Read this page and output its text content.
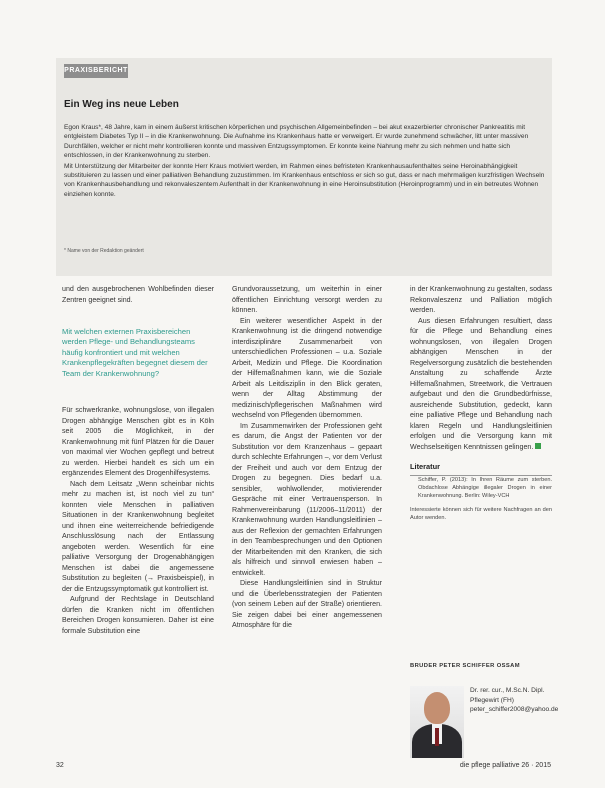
PRAXISBERICHT
Ein Weg ins neue Leben

Egon Kraus*, 48 Jahre, kam in einem äußerst kritischen körperlichen und psychischen Allgemeinbefinden – bei akut exazerbierter chronischer Pankreatitis mit entgleistem Diabetes Typ II – in die Krankenwohnung. Die Aufnahme ins Krankenhaus hatte er verweigert. Er wurde zunehmend schwächer, litt unter massiven Durchfällen, welcher er nicht mehr kontrollieren konnte und massiven Entzugssymptomen. Er konnte keine Nahrung mehr zu sich nehmen und hatte sich entschlossen, in der Krankenwohnung zu sterben.

Mit Unterstützung der Mitarbeiter der konnte Herr Kraus motiviert werden, im Rahmen eines befristeten Krankenhausaufenthaltes seine Heroinabhängigkeit substituieren zu lassen und einer palliativen Behandlung zuzustimmen. Im Krankenhaus entschloss er sich so gut, dass er nach mehrmaligen kurzfristigen Wechseln von Krankenhausbehandlung und rekonvaleszentem Aufenthalt in der Krankenwohnung in eine Heroinsubstitution (Heroinprogramm) und in ein betreutes Wohnen einziehen konnte.

* Name von der Redaktion geändert

und den ausgebrochenen Wohlbefinden dieser Zentren geeignet sind.

Mit welchen externen Praxisbereichen werden Pflege- und Behandlungsteams häufig konfrontiert und mit welchen Krankenpflegekräften begegnet diesem der Team der Krankenwohnung?

Für schwerkranke, wohnungslose, von illegalen Drogen abhängige Menschen gibt es in Köln seit 2005 die Möglichkeit, in der Krankenwohnung mit fünf Plätzen für die Dauer von maximal vier Wochen gepflegt und betreut zu werden. Hierbei handelt es sich um ein ergänzendes Element des Drogenhilfesystems.

Nach dem Leitsatz „Wenn scheinbar nichts mehr zu machen ist, ist noch viel zu tun“ konnten viele Menschen in palliativen Situationen in der Krankenwohnung begleitet und ihnen eine weiterreichende befriedigende Anschlusslösung nach der Entlassung angeboten werden. Wesentlich für eine palliative Versorgung der Drogenabhängigen Menschen ist dabei die angemessene Substitution zu begleiten (→ Praxisbeispiel), in der die Entzugssymptomatik gut kontrolliert ist.

Aufgrund der Rechtslage in Deutschland dürfen die Kranken nicht im öffentlichen Bereichen Drogen konsumieren. Daher ist eine formale Substitution eine

Grundvoraussetzung, um weiterhin in einer öffentlichen Einrichtung versorgt werden zu können.

Ein weiterer wesentlicher Aspekt in der Krankenwohnung ist die dringend notwendige interdisziplinäre Zusammenarbeit von unterschiedlichen Professionen – u.a. Soziale Arbeit, Medizin und Pflege. Die Koordination der Hilfemaßnahmen kann, wie die Soziale Arbeit als Leitdisziplin in den Blick geraten, wenn der Alltag Abstimmung der medizinisch/pflegerischen Maßnahmen wird wechselnd von Pflegenden übernommen.

Im Zusammenwirken der Professionen geht es darum, die Angst der Patienten vor der Substitution vor dem Kranzenhaus – gepaart durch schlechte Erfahrungen –, vor dem Verlust der Freiheit und auch vor dem Entzug der Drogen zu begegnen. Dies bedarf u.a. sensibler, wohlwollender, motivierender Gespräche mit einer Vertrauensperson. In Rahmenvereinbarung (11/2006–11/2011) der Krankenwohnung wurden Handlungsleitlinien – aus der Reflexion der gemachten Erfahrungen in den Teambesprechungen und den Optionen der Mitarbeitenden mit den Kranken, die sich als hilfreich und sinnvoll erwiesen haben – entwickelt.

Diese Handlungsleitlinien sind in Struktur und die Überlebensstrategien der Patienten (von seinem Leben auf der Straße) orientieren. Sie zeigen dabei bei einer angemessenen Atmosphäre für die

in der Krankenwohnung zu gestalten, sodass Rekonvaleszenz und Palliation möglich werden.

Aus diesen Erfahrungen resultiert, dass für die Pflege und Behandlung eines wohnungslosen, von illegalen Drogen abhängigen Menschen in der Regelversorgung zusätzlich die bestehenden Anstaltung zu schaffende Ärzte Hilfemaßnahmen, Streetwork, die Vertrauen aufgebaut und den die Grundbedürfnisse, ausreichende Substitution, gedeckt, kann eine palliative Pflege und Behandlung nach klaren Regeln und Handlungsleitlinien erfolgen und die Versorgung kann mit Wechselseitigen Kenntnissen gelingen.

Literatur
Schiffer, P. (2013): In Ihren Räume zum sterben. Obdachlose Abhängige illegaler Drogen in einer Krankenwohnung. Berlin: Wiley-VCH
Interessierte können sich für weitere Nachfragen an den Autor wenden.
BRUDER PETER SCHIFFER OSSAM
Dr. rer. cur., M.Sc.N. Dipl.
Pflegewirt (FH)
peter_schiffer2008@yahoo.de
32	die pflege palliative 26 · 2015
